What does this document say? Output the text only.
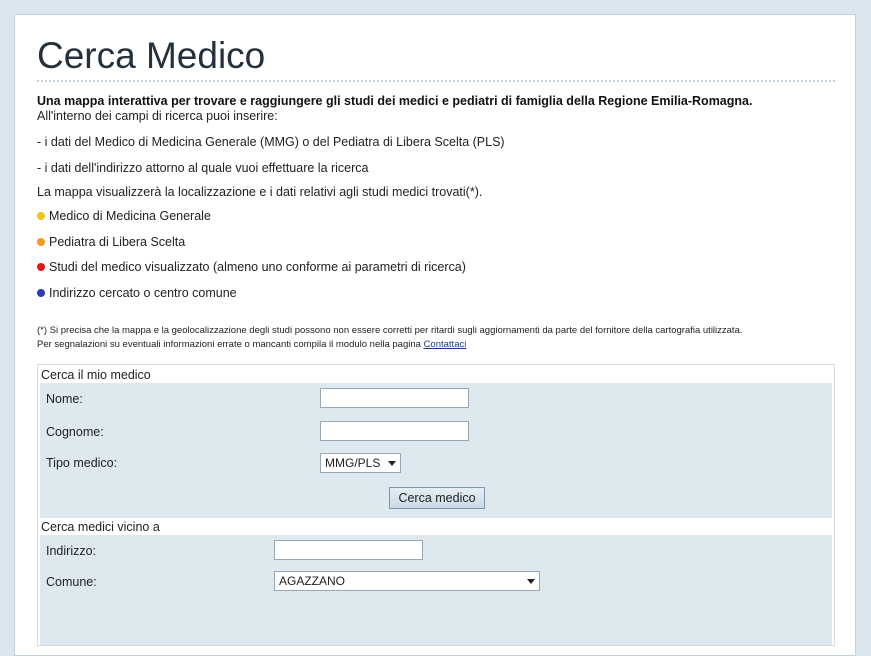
Cerca Medico
Una mappa interattiva per trovare e raggiungere gli studi dei medici e pediatri di famiglia della Regione Emilia-Romagna.
All'interno dei campi di ricerca puoi inserire:
- i dati del Medico di Medicina Generale (MMG) o del Pediatra di Libera Scelta (PLS)
- i dati dell'indirizzo attorno al quale vuoi effettuare la ricerca
La mappa visualizzerà la localizzazione e i dati relativi agli studi medici trovati(*).
Medico di Medicina Generale
Pediatra di Libera Scelta
Studi del medico visualizzato (almeno uno conforme ai parametri di ricerca)
Indirizzo cercato o centro comune
(*) Si precisa che la mappa e la geolocalizzazione degli studi possono non essere corretti per ritardi sugli aggiornamenti da parte del fornitore della cartografia utilizzata.
Per segnalazioni su eventuali informazioni errate o mancanti compila il modulo nella pagina Contattaci
Cerca il mio medico
Nome:
Cognome:
Tipo medico:	MMG/PLS
Cerca medico
Cerca medici vicino a
Indirizzo:
Comune:	AGAZZANO
